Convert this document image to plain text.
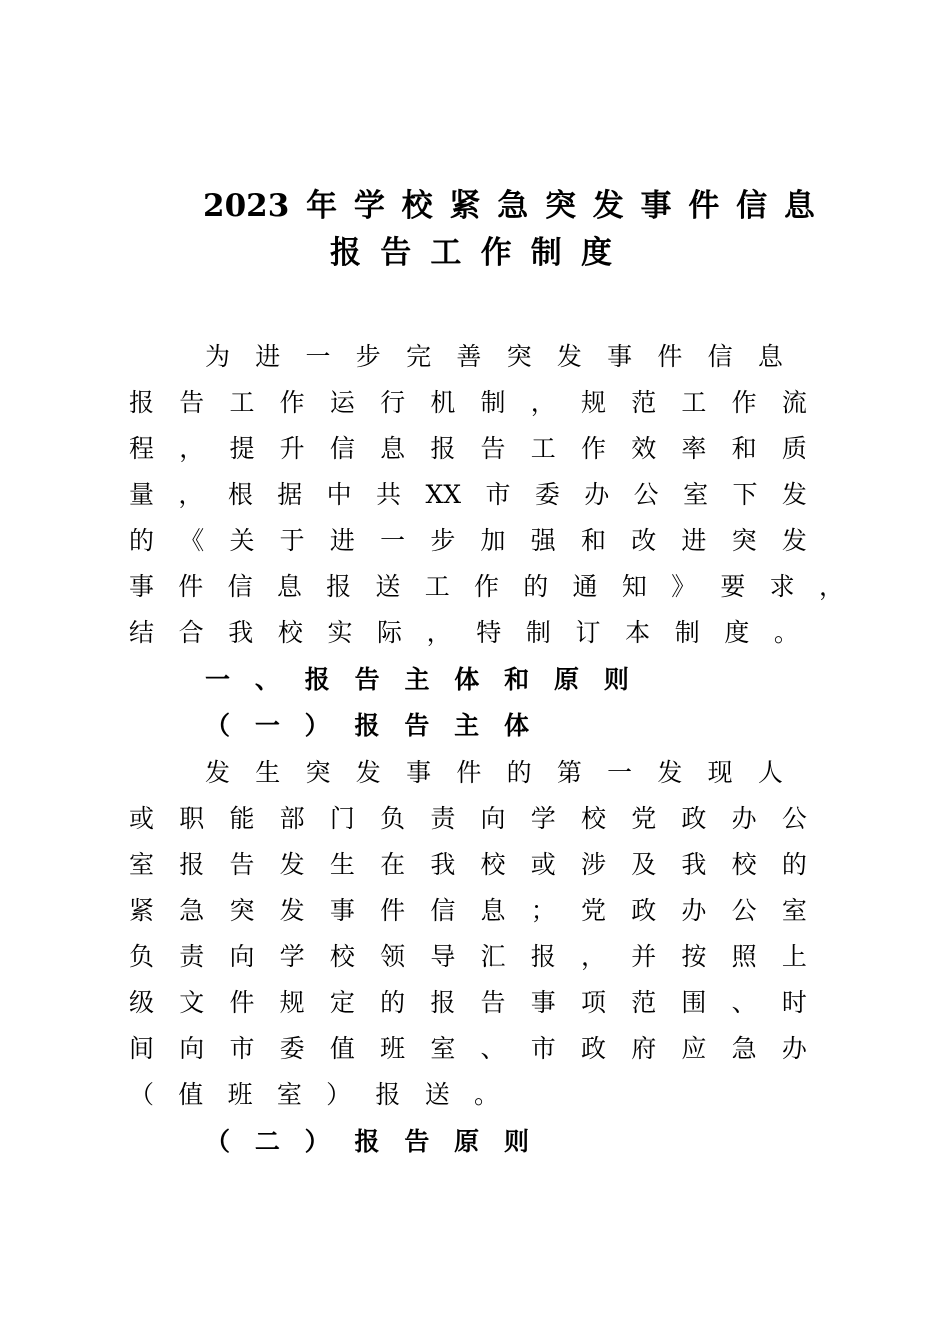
2023 年 学 校 紧 急 突 发 事 件 信 息
报 告 工 作 制 度
为 进 一 步 完 善 突 发 事 件 信 息
报 告 工 作 运 行 机 制 ， 规 范 工 作 流
程 ， 提 升 信 息 报 告 工 作 效 率 和 质
量 ， 根 据 中 共 XX 市 委 办 公 室 下 发
的 《 关 于 进 一 步 加 强 和 改 进 突 发
事 件 信 息 报 送 工 作 的 通 知 》 要 求 ，
结 合 我 校 实 际 ， 特 制 订 本 制 度 。
一 、 报 告 主 体 和 原 则
（ 一 ） 报 告 主 体
发 生 突 发 事 件 的 第 一 发 现 人
或 职 能 部 门 负 责 向 学 校 党 政 办 公
室 报 告 发 生 在 我 校 或 涉 及 我 校 的
紧 急 突 发 事 件 信 息 ； 党 政 办 公 室
负 责 向 学 校 领 导 汇 报 ， 并 按 照 上
级 文 件 规 定 的 报 告 事 项 范 围 、 时
间 向 市 委 值 班 室 、 市 政 府 应 急 办
（ 值 班 室 ） 报 送 。
（ 二 ） 报 告 原 则
